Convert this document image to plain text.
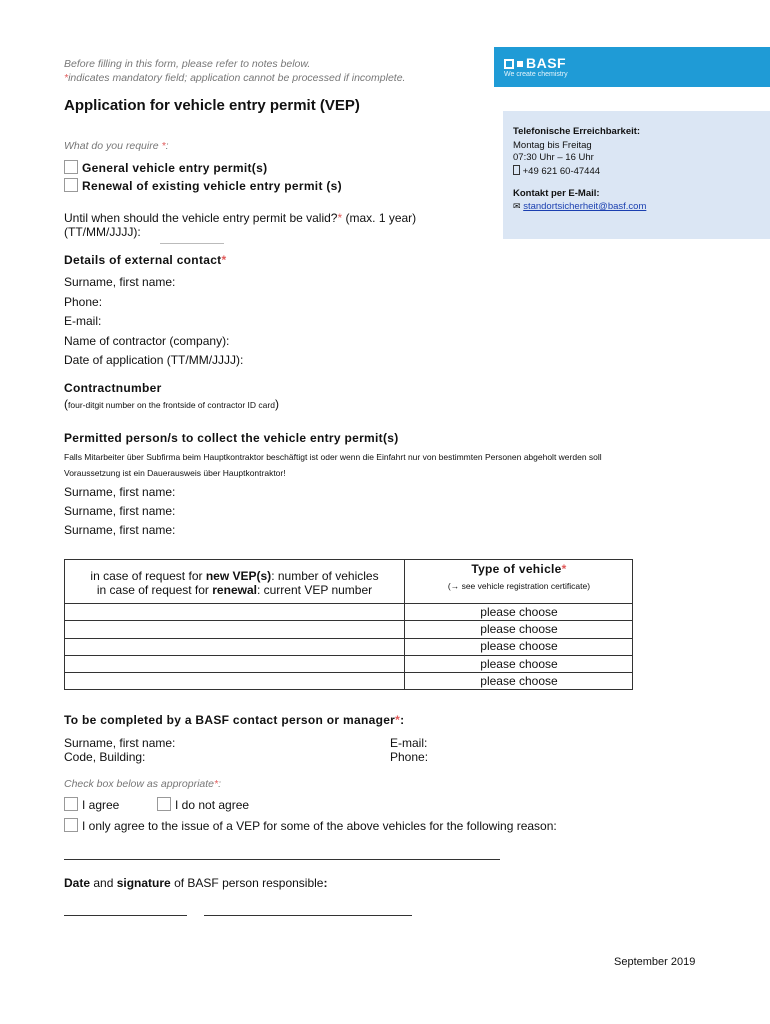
Before filling in this form, please refer to notes below.
*indicates mandatory field; application cannot be processed if incomplete.
BASF
We create chemistry
Application for vehicle entry permit (VEP)
Telefonische Erreichbarkeit:
Montag bis Freitag
07:30 Uhr – 16 Uhr
+49 621 60-47444
Kontakt per E-Mail:
✉ standortsicherheit@basf.com
What do you require *:
General vehicle entry permit(s)
Renewal of existing vehicle entry permit (s)
Until when should the vehicle entry permit be valid?* (max. 1 year)
(TT/MM/JJJJ):
Details of external contact*
Surname, first name:
Phone:
E-mail:
Name of contractor (company):
Date of application (TT/MM/JJJJ):
Contractnumber
(four-ditgit number on the frontside of contractor ID card)
Permitted person/s to collect the vehicle entry permit(s)
Falls Mitarbeiter über Subfirma beim Hauptkontraktor beschäftigt ist oder wenn die Einfahrt nur von bestimmten Personen abgeholt werden soll
Voraussetzung ist ein Dauerausweis über Hauptkontraktor!
Surname, first name:
Surname, first name:
Surname, first name:
in case of request for new VEP(s): number of vehicles
in case of request for renewal: current VEP number
Type of vehicle*
(→ see vehicle registration certificate)
please choose
please choose
please choose
please choose
please choose
To be completed by a BASF contact person or manager*:
Surname, first name:
Code, Building:
E-mail:
Phone:
Check box below as appropriate*:
I agree	I do not agree
I only agree to the issue of a VEP for some of the above vehicles for the following reason:
Date and signature of BASF person responsible:
September 2019
